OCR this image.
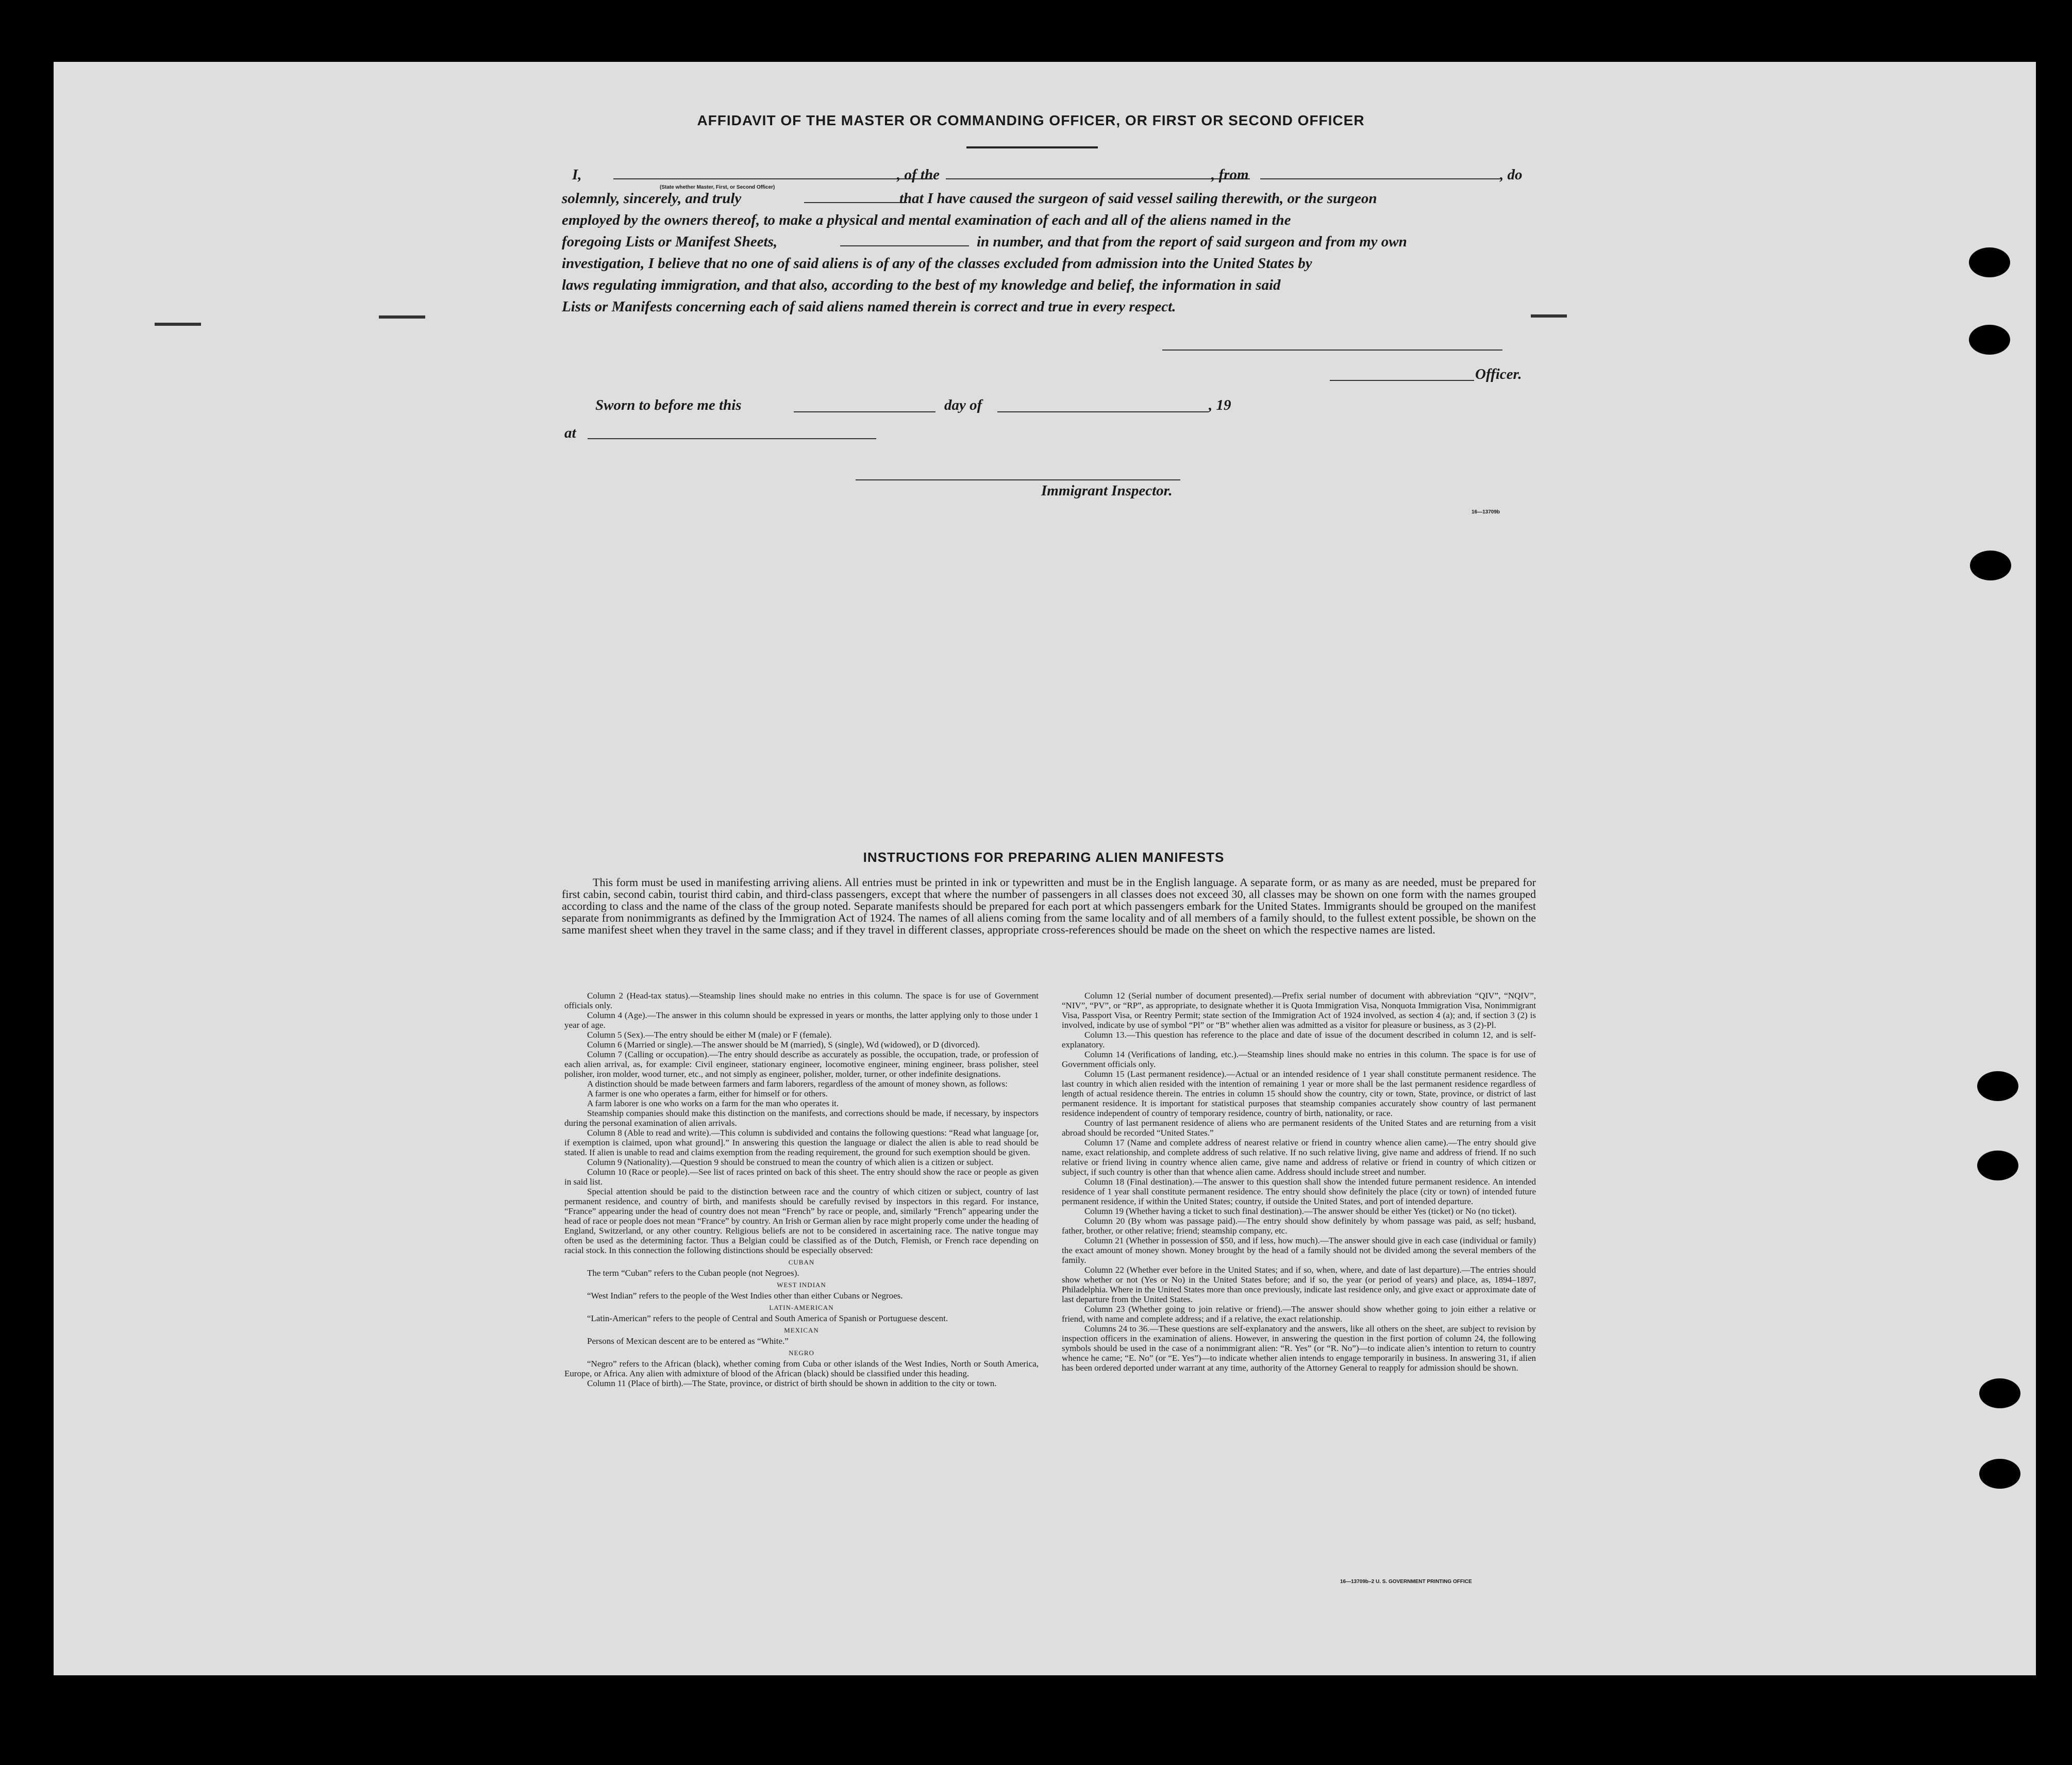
AFFIDAVIT OF THE MASTER OR COMMANDING OFFICER, OR FIRST OR SECOND OFFICER
I,	, of the	, from	, do
(State whether Master, First, or Second Officer)
solemnly, sincerely, and truly	that I have caused the surgeon of said vessel sailing therewith, or the surgeon
employed by the owners thereof, to make a physical and mental examination of each and all of the aliens named in the
foregoing Lists or Manifest Sheets,	in number, and that from the report of said surgeon and from my own
investigation, I believe that no one of said aliens is of any of the classes excluded from admission into the United States by
laws regulating immigration, and that also, according to the best of my knowledge and belief, the information in said
Lists or Manifests concerning each of said aliens named therein is correct and true in every respect.
Officer.
Sworn to before me this	day of	, 19
at
Immigrant Inspector.
16—13709b
INSTRUCTIONS FOR PREPARING ALIEN MANIFESTS
This form must be used in manifesting arriving aliens. All entries must be printed in ink or typewritten and must be in the English language. A separate form, or as many as are needed, must be prepared for first cabin, second cabin, tourist third cabin, and third-class passengers, except that where the number of passengers in all classes does not exceed 30, all classes may be shown on one form with the names grouped according to class and the name of the class of the group noted. Separate manifests should be prepared for each port at which passengers embark for the United States. Immigrants should be grouped on the manifest separate from nonimmigrants as defined by the Immigration Act of 1924. The names of all aliens coming from the same locality and of all members of a family should, to the fullest extent possible, be shown on the same manifest sheet when they travel in the same class; and if they travel in different classes, appropriate cross-references should be made on the sheet on which the respective names are listed.

Column 2 (Head-tax status).—Steamship lines should make no entries in this column. The space is for use of Government officials only.

Column 4 (Age).—The answer in this column should be expressed in years or months, the latter applying only to those under 1 year of age.

Column 5 (Sex).—The entry should be either M (male) or F (female).

Column 6 (Married or single).—The answer should be M (married), S (single), Wd (widowed), or D (divorced).

Column 7 (Calling or occupation).—The entry should describe as accurately as possible, the occupation, trade, or profession of each alien arrival, as, for example: Civil engineer, stationary engineer, locomotive engineer, mining engineer, brass polisher, steel polisher, iron molder, wood turner, etc., and not simply as engineer, polisher, molder, turner, or other indefinite designations.

A distinction should be made between farmers and farm laborers, regardless of the amount of money shown, as follows:

A farmer is one who operates a farm, either for himself or for others.

A farm laborer is one who works on a farm for the man who operates it.

Steamship companies should make this distinction on the manifests, and corrections should be made, if necessary, by inspectors during the personal examination of alien arrivals.

Column 8 (Able to read and write).—This column is subdivided and contains the following questions: “Read what language [or, if exemption is claimed, upon what ground].” In answering this question the language or dialect the alien is able to read should be stated. If alien is unable to read and claims exemption from the reading requirement, the ground for such exemption should be given.

Column 9 (Nationality).—Question 9 should be construed to mean the country of which alien is a citizen or subject.

Column 10 (Race or people).—See list of races printed on back of this sheet. The entry should show the race or people as given in said list.

Special attention should be paid to the distinction between race and the country of which citizen or subject, country of last permanent residence, and country of birth, and manifests should be carefully revised by inspectors in this regard. For instance, “France” appearing under the head of country does not mean “French” by race or people, and, similarly “French” appearing under the head of race or people does not mean “France” by country. An Irish or German alien by race might properly come under the heading of England, Switzerland, or any other country. Religious beliefs are not to be considered in ascertaining race. The native tongue may often be used as the determining factor. Thus a Belgian could be classified as of the Dutch, Flemish, or French race depending on racial stock. In this connection the following distinctions should be especially observed:

CUBAN

The term “Cuban” refers to the Cuban people (not Negroes).

WEST INDIAN

“West Indian” refers to the people of the West Indies other than either Cubans or Negroes.

LATIN-AMERICAN

“Latin-American” refers to the people of Central and South America of Spanish or Portuguese descent.

MEXICAN

Persons of Mexican descent are to be entered as “White.”

NEGRO

“Negro” refers to the African (black), whether coming from Cuba or other islands of the West Indies, North or South America, Europe, or Africa. Any alien with admixture of blood of the African (black) should be classified under this heading.

Column 11 (Place of birth).—The State, province, or district of birth should be shown in addition to the city or town.

Column 12 (Serial number of document presented).—Prefix serial number of document with abbreviation “QIV”, “NQIV”, “NIV”, “PV”, or “RP”, as appropriate, to designate whether it is Quota Immigration Visa, Nonquota Immigration Visa, Nonimmigrant Visa, Passport Visa, or Reentry Permit; state section of the Immigration Act of 1924 involved, as section 4 (a); and, if section 3 (2) is involved, indicate by use of symbol “Pl” or “B” whether alien was admitted as a visitor for pleasure or business, as 3 (2)-Pl.

Column 13.—This question has reference to the place and date of issue of the document described in column 12, and is self-explanatory.

Column 14 (Verifications of landing, etc.).—Steamship lines should make no entries in this column. The space is for use of Government officials only.

Column 15 (Last permanent residence).—Actual or an intended residence of 1 year shall constitute permanent residence. The last country in which alien resided with the intention of remaining 1 year or more shall be the last permanent residence regardless of length of actual residence therein. The entries in column 15 should show the country, city or town, State, province, or district of last permanent residence. It is important for statistical purposes that steamship companies accurately show country of last permanent residence independent of country of temporary residence, country of birth, nationality, or race.

Country of last permanent residence of aliens who are permanent residents of the United States and are returning from a visit abroad should be recorded “United States.”

Column 17 (Name and complete address of nearest relative or friend in country whence alien came).—The entry should give name, exact relationship, and complete address of such relative. If no such relative living, give name and address of friend. If no such relative or friend living in country whence alien came, give name and address of relative or friend in country of which citizen or subject, if such country is other than that whence alien came. Address should include street and number.

Column 18 (Final destination).—The answer to this question shall show the intended future permanent residence. An intended residence of 1 year shall constitute permanent residence. The entry should show definitely the place (city or town) of intended future permanent residence, if within the United States; country, if outside the United States, and port of intended departure.

Column 19 (Whether having a ticket to such final destination).—The answer should be either Yes (ticket) or No (no ticket).

Column 20 (By whom was passage paid).—The entry should show definitely by whom passage was paid, as self; husband, father, brother, or other relative; friend; steamship company, etc.

Column 21 (Whether in possession of $50, and if less, how much).—The answer should give in each case (individual or family) the exact amount of money shown. Money brought by the head of a family should not be divided among the several members of the family.

Column 22 (Whether ever before in the United States; and if so, when, where, and date of last departure).—The entries should show whether or not (Yes or No) in the United States before; and if so, the year (or period of years) and place, as, 1894–1897, Philadelphia. Where in the United States more than once previously, indicate last residence only, and give exact or approximate date of last departure from the United States.

Column 23 (Whether going to join relative or friend).—The answer should show whether going to join either a relative or friend, with name and complete address; and if a relative, the exact relationship.

Columns 24 to 36.—These questions are self-explanatory and the answers, like all others on the sheet, are subject to revision by inspection officers in the examination of aliens. However, in answering the question in the first portion of column 24, the following symbols should be used in the case of a nonimmigrant alien: “R. Yes” (or “R. No”)—to indicate alien’s intention to return to country whence he came; “E. No” (or “E. Yes”)—to indicate whether alien intends to engage temporarily in business. In answering 31, if alien has been ordered deported under warrant at any time, authority of the Attorney General to reapply for admission should be shown.

16—13709b–2 U. S. GOVERNMENT PRINTING OFFICE
